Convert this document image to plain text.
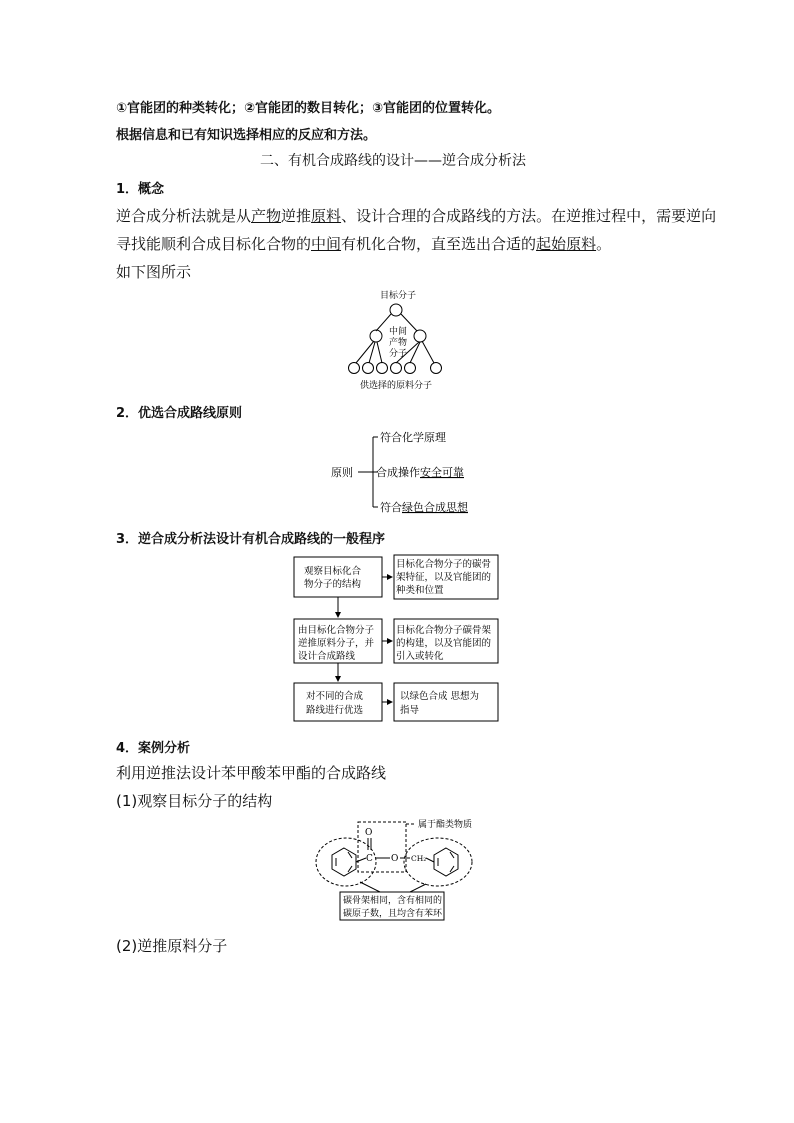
①官能团的种类转化；②官能团的数目转化；③官能团的位置转化。
根据信息和已有知识选择相应的反应和方法。
二、有机合成路线的设计——逆合成分析法
1．概念
逆合成分析法就是从产物逆推原料、设计合理的合成路线的方法。在逆推过程中，需要逆向
寻找能顺利合成目标化合物的中间有机化合物，直至选出合适的起始原料。
如下图所示
目标分子
中间
产物
分子
供选择的原料分子
2．优选合成路线原则
原则
符合化学原理
合成操作安全可靠
符合绿色合成思想
3．逆合成分析法设计有机合成路线的一般程序
观察目标化合
物分子的结构
由目标化合物分子
逆推原料分子，并
设计合成路线
对不同的合成
路线进行优选
目标化合物分子的碳骨
架特征，以及官能团的
种类和位置
目标化合物分子碳骨架
的构建，以及官能团的
引入或转化
以绿色合成 思想为
指导
4．案例分析
利用逆推法设计苯甲酸苯甲酯的合成路线
(1)观察目标分子的结构
O
C O CH₂
属于酯类物质
碳骨架相同，含有相同的
碳原子数，且均含有苯环
(2)逆推原料分子
